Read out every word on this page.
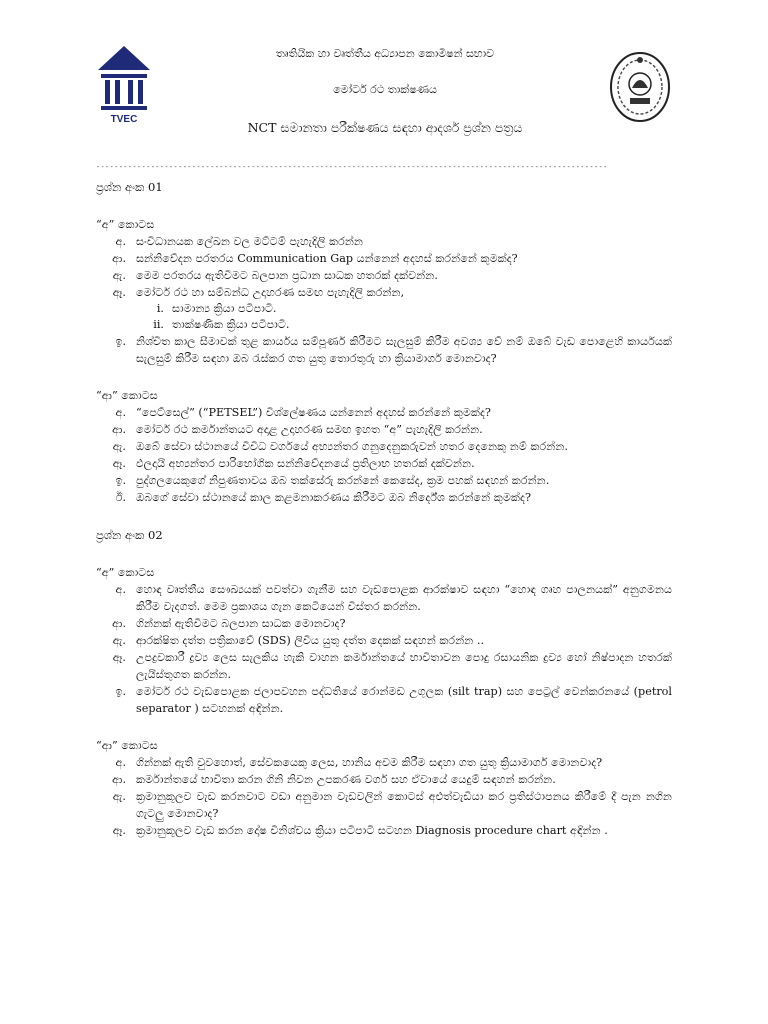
TVEC
තෘතියික හා වෘත්තීය අධ්‍යාපන කොමිෂන් සභාව
මෝටර් රථ තාක්ෂණය
NCT සමානතා පරීක්ෂණය සඳහා ආදර්ශ ප්‍රශ්න පත්‍රය
----------------------------------------------------------------------------------------------------------------

ප්‍රශ්න අංක 01

“අ” කොටස

අ. සංවිධානයක ලේඛන වල මට්ටම් පැහැදිලි කරන්න
ආ. සන්නිවේදන පරතරය Communication Gap යන්නෙන් අදහස් කරන්නේ කුමක්ද?
ඇ. මෙම පරතරය ඇතිවීමට බලපාන ප්‍රධාන සාධක හතරක් දක්වන්න.
ඈ. මෝටර් රථ හා සම්බන්ධ උදාහරණ සමඟ පැහැදිලි කරන්න,
i. සාමාන්‍ය ක්‍රියා පටිපාටි.
ii. තාක්ෂණික ක්‍රියා පටිපාටි.
ඉ. නිශ්චිත කාල සීමාවක් තුළ කාර්යය සම්පූර්ණ කිරීමට සැලසුම් කිරීම අවශ්‍ය වේ නම් ඔබේ වැඩ පොළෙහි කාර්යයක් සැලසුම් කිරීම සඳහා ඔබ රැස්කර ගත යුතු තොරතුරු හා ක්‍රියාමාර්ග මොනවාද?

“ආ” කොටස

අ. “පෙට්සෙල්” (“PETSEL”) විශ්ලේෂණය යන්නෙන් අදහස් කරන්නේ කුමක්ද?
ආ. මෝටර් රථ කර්මාන්තයට අදාළ උදාහරණ සමඟ ඉහත “අ” පැහැදිලි කරන්න.
ඇ. ඔබේ සේවා ස්ථානයේ විවිධ වර්ගයේ අභ්‍යන්තර ගනුදෙනුකරුවන් හතර දෙනෙකු නම් කරන්න.
ඈ. ඵලදායි අභ්‍යන්තර පාරිභෝගික සන්නිවේදනයේ ප්‍රතිලාභ හතරක් දක්වන්න.
ඉ. පුද්ගලයෙකුගේ නිපුණතාවය ඔබ තක්සේරු කරන්නේ කෙසේද, ක්‍රම පහක් සඳහන් කරන්න.
ඊ. ඔබගේ සේවා ස්ථානයේ කාල කළමනාකරණය කිරීමට ඔබ නිර්දේශ කරන්නේ කුමක්ද?

ප්‍රශ්න අංක 02

“අ” කොටස

අ. හොඳ වෘත්තීය සෞඛ්‍යයක් පවත්වා ගැනීම සහ වැඩපොළක ආරක්ෂාව සඳහා “හොඳ ගෘහ පාලනයක්” අනුගමනය කිරීම වැදගත්. මෙම ප්‍රකාශය ගැන කෙටියෙන් විස්තර කරන්න.
ආ. ගින්නක් ඇතිවීමට බලපාන සාධක මොනවාද?
ඇ. ආරක්ෂිත දත්ත පත්‍රිකාවේ (SDS) ලිවිය යුතු දත්ත දෙකක් සඳහන් කරන්න ..
ඈ. උපද්‍රවකාරී ද්‍රව්‍ය ලෙස සැලකිය හැකි වාහන කර්මාන්තයේ භාවිතාවන පොදු රසායනික ද්‍රව්‍ය හෝ නිෂ්පාදන හතරක් ලැයිස්තුගත කරන්න.
ඉ. මෝටර් රථ වැඩපොළක ජලාපවහන පද්ධතියේ රොන්මඩ උගුලක (silt trap) සහ පෙට්‍රල් වෙන්කරනයේ (petrol separator ) සටහනක් අඳින්න.

“ආ” කොටස

අ. ගින්නක් ඇති වුවහොත්, සේවකයෙකු ලෙස, හානිය අවම කිරීම සඳහා ගත යුතු ක්‍රියාමාර්ග මොනවාද?
ආ. කර්මාන්තයේ භාවිතා කරන ගිනි නිවන උපකරණ වර්ග සහ ඒවායේ යෙදුම් සඳහන් කරන්න.
ඇ. ක්‍රමානුකූලව වැඩ කරනවාට වඩා අනුමාන වැඩවලින් කොටස් අළුත්වැඩියා කර ප්‍රතිස්ථාපනය කිරීමේ දී පැන නගින ගැටලු මොනවාද?
ඈ. ක්‍රමානුකූලව වැඩ කරන දෝෂ විනිශ්චය ක්‍රියා පටිපාටි සටහන Diagnosis procedure chart අඳින්න .
